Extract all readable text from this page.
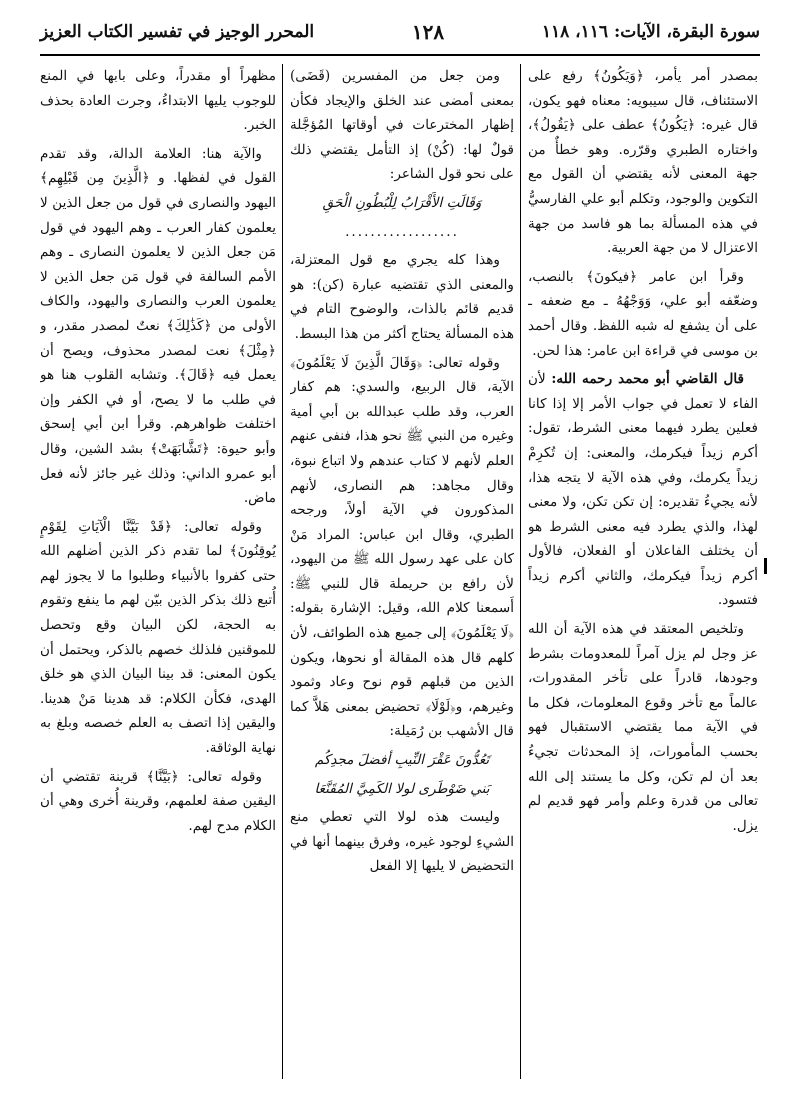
سورة البقرة، الآيات: ١١٦، ١١٨
١٢٨
المحرر الوجيز في تفسير الكتاب العزيز

بمصدر أمر يأمر، ﴿وَيَكُونُ﴾ رفع على الاستئناف، قال سيبويه: معناه فهو يكون، قال غيره: ﴿يَكُونُ﴾ عطف على ﴿يَقُولُ﴾، واختاره الطبري وقرّره. وهو خطأٌ من جهة المعنى لأنه يقتضي أن القول مع التكوين والوجود، وتكلم أبو علي الفارسيُّ في هذه المسألة بما هو فاسد من جهة الاعتزال لا من جهة العربية.

وقرأ ابن عامر ﴿فيكونَ﴾ بالنصب، وضعّفه أبو علي، وَوَجْهُهُ ـ مع ضعفه ـ على أن يشفع له شبه اللفظ. وقال أحمد بن موسى في قراءة ابن عامر: هذا لحن.

قال القاضي أبو محمد رحمه الله: لأن الفاء لا تعمل في جواب الأمر إلا إذا كانا فعلين يطرد فيهما معنى الشرط، تقول: أكرم زيداً فيكرمك، والمعنى: إن تُكرِمْ زيداً يكرمك، وفي هذه الآية لا يتجه هذا، لأنه يجيءُ تقديره: إن تكن تكن، ولا معنى لهذا، والذي يطرد فيه معنى الشرط هو أن يختلف الفاعلان أو الفعلان، فالأول أكرم زيداً فيكرمك، والثاني أكرم زيداً فتسود.

وتلخيص المعتقد في هذه الآية أن الله عز وجل لم يزل آمراً للمعدومات بشرط وجودها، قادراً على تأخر المقدورات، عالماً مع تأخر وقوع المعلومات، فكل ما في الآية مما يقتضي الاستقبال فهو بحسب المأمورات، إذ المحدثات تجيءُ بعد أن لم تكن، وكل ما يستند إلى الله تعالى من قدرة وعلم وأمر فهو قديم لم يزل.

ومن جعل من المفسرين (قَضَى) بمعنى أمضى عند الخلق والإيجاد فكأن إظهار المخترعات في أوقاتها المُؤجَّلة قولٌ لها: (كُنْ) إذ التأمل يقتضي ذلك على نحو قول الشاعر:

وَقَالَتِ الأَقْرَابُ لِلْبُطُونِ الْحَقِ

..................

وهذا كله يجري مع قول المعتزلة، والمعنى الذي تقتضيه عبارة (كن): هو قديم قائم بالذات، والوضوح التام في هذه المسألة يحتاج أكثر من هذا البسط.

وقوله تعالى: ﴿وَقَالَ الَّذِينَ لَا يَعْلَمُونَ﴾ الآية، قال الربيع، والسدي: هم كفار العرب، وقد طلب عبدالله بن أبي أمية وغيره من النبي ﷺ نحو هذا، فنفى عنهم العلم لأنهم لا كتاب عندهم ولا اتباع نبوة، وقال مجاهد: هم النصارى، لأنهم المذكورون في الآية أولاً، ورجحه الطبري، وقال ابن عباس: المراد مَنْ كان على عهد رسول الله ﷺ من اليهود، لأن رافع بن حريملة قال للنبي ﷺ: أَسمعنا كلام الله، وقيل: الإشارة بقوله: ﴿لَا يَعْلَمُونَ﴾ إلى جميع هذه الطوائف، لأن كلهم قال هذه المقالة أو نحوها، ويكون الذين من قبلهم قوم نوح وعاد وثمود وغيرهم، و﴿لَوْلَا﴾ تحضيض بمعنى هَلاَّ كما قال الأشهب بن رُمَيلة:

تَعُدُّونَ عَقْرَ النِّيبِ أفضلَ مجدِكُم

بَني ضَوْطَرى لولا الكَمِيَّ المُقَنَّعَا

وليست هذه لولا التي تعطي منع الشيءِ لوجود غيره، وفرق بينهما أنها في التحضيض لا يليها إلا الفعل

مظهراً أو مقدراً، وعلى بابها في المنع للوجوب يليها الابتداءُ، وجرت العادة بحذف الخبر.

والآية هنا: العلامة الدالة، وقد تقدم القول في لفظها. و ﴿الَّذِينَ مِن قَبْلِهِم﴾ اليهود والنصارى في قول من جعل الذين لا يعلمون كفار العرب ـ وهم اليهود في قول مَن جعل الذين لا يعلمون النصارى ـ وهم الأمم السالفة في قول مَن جعل الذين لا يعلمون العرب والنصارى واليهود، والكاف الأولى من ﴿كَذَٰلِكَ﴾ نعتٌ لمصدر مقدر، و ﴿مِثْلَ﴾ نعت لمصدر محذوف، ويصح أن يعمل فيه ﴿قَالَ﴾. وتشابه القلوب هنا هو في طلب ما لا يصح، أو في الكفر وإن اختلفت ظواهرهم. وقرأ ابن أبي إسحق وأبو حيوة: ﴿تَشَّابَهَتْ﴾ بشد الشين، وقال أبو عمرو الداني: وذلك غير جائز لأنه فعل ماض.

وقوله تعالى: ﴿قَدْ بَيَّنَّا الْآيَاتِ لِقَوْمٍ يُوقِنُونَ﴾ لما تقدم ذكر الذين أضلهم الله حتى كفروا بالأنبياء وطلبوا ما لا يجوز لهم أُتبع ذلك بذكر الذين بيّن لهم ما ينفع وتقوم به الحجة، لكن البيان وقع وتحصل للموقنين فلذلك خصهم بالذكر، ويحتمل أن يكون المعنى: قد بينا البيان الذي هو خلق الهدى، فكأن الكلام: قد هدينا مَنْ هدينا. واليقين إذا اتصف به العلم خصصه وبلغ به نهاية الوثاقة.

وقوله تعالى: ﴿بَيَّنَّا﴾ قرينة تقتضي أن اليقين صفة لعلمهم، وقرينة أُخرى وهي أن الكلام مدح لهم.
